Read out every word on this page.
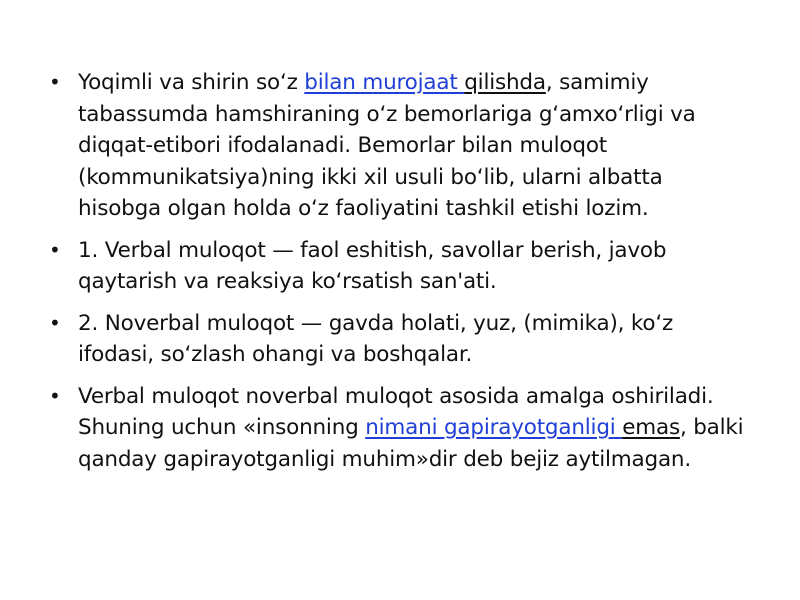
• Yoqimli va shirin soʻz bilan murojaat qilishda, samimiy tabassumda hamshiraning oʻz bemorlariga gʻamxoʻrligi va diqqat-etibori ifodalanadi. Bemorlar bilan muloqot (kommunikatsiya)ning ikki xil usuli boʻlib, ularni albatta hisobga olgan holda oʻz faoliyatini tashkil etishi lozim.
• 1. Verbal muloqot — faol eshitish, savollar berish, javob qaytarish va reaksiya koʻrsatish san'ati.
• 2. Noverbal muloqot — gavda holati, yuz, (mimika), koʻz ifodasi, soʻzlash ohangi va boshqalar.
• Verbal muloqot noverbal muloqot asosida amalga oshiriladi. Shuning uchun «insonning nimani gapirayotganligi emas, balki qanday gapirayotganligi muhim»dir deb bejiz aytilmagan.
